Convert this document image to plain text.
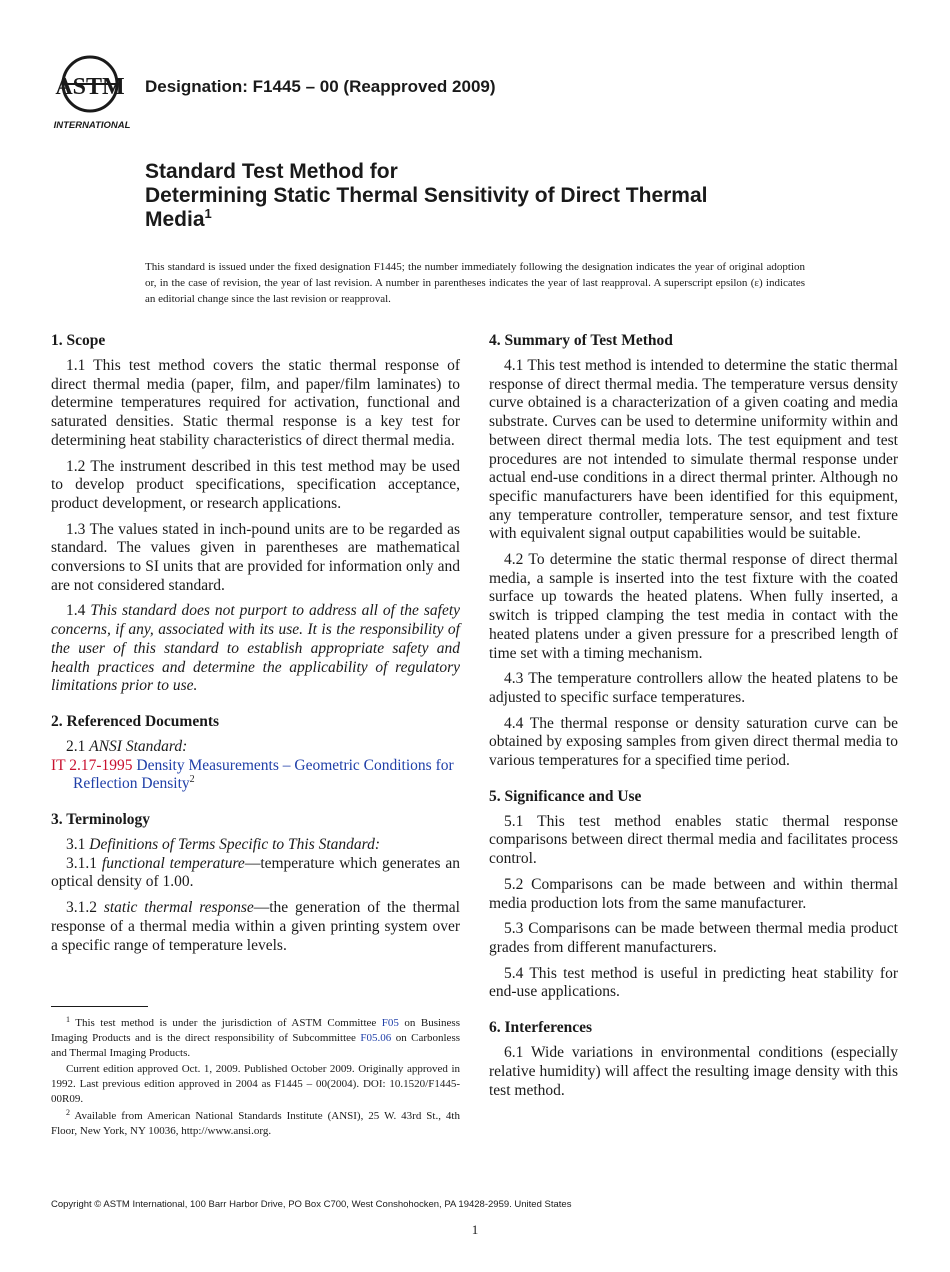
ASTM
INTERNATIONAL
Designation: F1445 – 00 (Reapproved 2009)
Standard Test Method for
Determining Static Thermal Sensitivity of Direct Thermal
Media$^1$
This standard is issued under the fixed designation F1445; the number immediately following the designation indicates the year of original adoption or, in the case of revision, the year of last revision. A number in parentheses indicates the year of last reapproval. A superscript epsilon (ε) indicates an editorial change since the last revision or reapproval.
1. Scope

1.1 This test method covers the static thermal response of direct thermal media (paper, film, and paper/film laminates) to determine temperatures required for activation, functional and saturated densities. Static thermal response is a key test for determining heat stability characteristics of direct thermal media.

1.2 The instrument described in this test method may be used to develop product specifications, specification acceptance, product development, or research applications.

1.3 The values stated in inch-pound units are to be regarded as standard. The values given in parentheses are mathematical conversions to SI units that are provided for information only and are not considered standard.

1.4 This standard does not purport to address all of the safety concerns, if any, associated with its use. It is the responsibility of the user of this standard to establish appropriate safety and health practices and determine the applicability of regulatory limitations prior to use.

2. Referenced Documents

2.1 ANSI Standard:

IT 2.17-1995 Density Measurements – Geometric Conditions for Reflection Density$^2$

3. Terminology

3.1 Definitions of Terms Specific to This Standard:

3.1.1 functional temperature—temperature which generates an optical density of 1.00.

3.1.2 static thermal response—the generation of the thermal response of a thermal media within a given printing system over a specific range of temperature levels.

4. Summary of Test Method

4.1 This test method is intended to determine the static thermal response of direct thermal media. The temperature versus density curve obtained is a characterization of a given coating and media substrate. Curves can be used to determine uniformity within and between direct thermal media lots. The test equipment and test procedures are not intended to simulate thermal response under actual end-use conditions in a direct thermal printer. Although no specific manufacturers have been identified for this equipment, any temperature controller, temperature sensor, and test fixture with equivalent signal output capabilities would be suitable.

4.2 To determine the static thermal response of direct thermal media, a sample is inserted into the test fixture with the coated surface up towards the heated platens. When fully inserted, a switch is tripped clamping the test media in contact with the heated platens under a given pressure for a prescribed length of time set with a timing mechanism.

4.3 The temperature controllers allow the heated platens to be adjusted to specific surface temperatures.

4.4 The thermal response or density saturation curve can be obtained by exposing samples from given direct thermal media to various temperatures for a specified time period.

5. Significance and Use

5.1 This test method enables static thermal response comparisons between direct thermal media and facilitates process control.

5.2 Comparisons can be made between and within thermal media production lots from the same manufacturer.

5.3 Comparisons can be made between thermal media product grades from different manufacturers.

5.4 This test method is useful in predicting heat stability for end-use applications.

6. Interferences

6.1 Wide variations in environmental conditions (especially relative humidity) will affect the resulting image density with this test method.

$^1$ This test method is under the jurisdiction of ASTM Committee F05 on Business Imaging Products and is the direct responsibility of Subcommittee F05.06 on Carbonless and Thermal Imaging Products.

Current edition approved Oct. 1, 2009. Published October 2009. Originally approved in 1992. Last previous edition approved in 2004 as F1445 – 00(2004). DOI: 10.1520/F1445-00R09.

$^2$ Available from American National Standards Institute (ANSI), 25 W. 43rd St., 4th Floor, New York, NY 10036, http://www.ansi.org.

Copyright © ASTM International, 100 Barr Harbor Drive, PO Box C700, West Conshohocken, PA 19428-2959. United States
1
